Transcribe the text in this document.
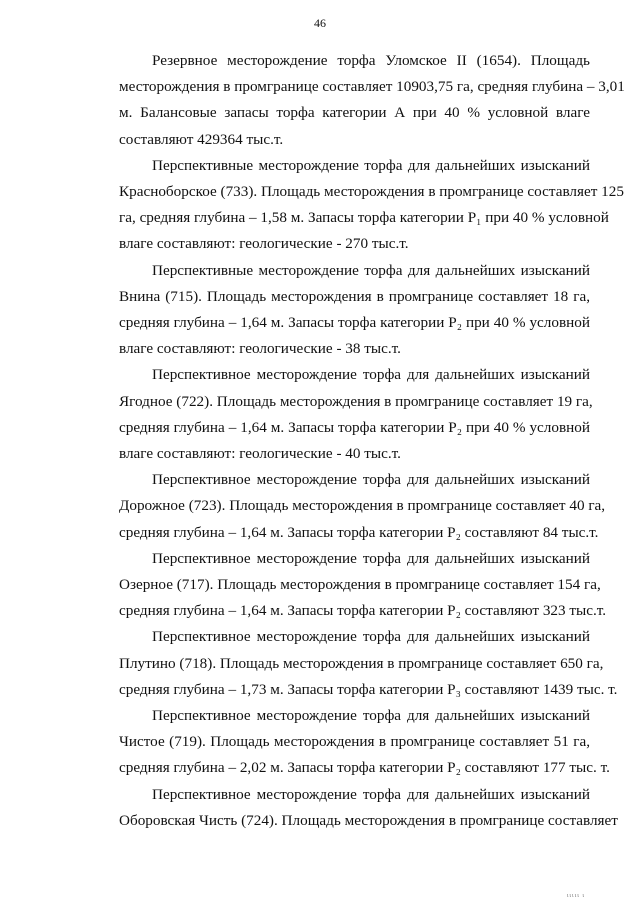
46
Резервное месторождение торфа Уломское II (1654). Площадь
месторождения в промгранице составляет 10903,75 га, средняя глубина – 3,01
м. Балансовые запасы торфа категории А при 40 % условной влаге
составляют 429364 тыс.т.
Перспективные месторождение торфа для дальнейших изысканий
Красноборское (733). Площадь месторождения в промгранице составляет 125
га, средняя глубина – 1,58 м. Запасы торфа категории Р₁ при 40 % условной
влаге составляют: геологические - 270 тыс.т.
Перспективные месторождение торфа для дальнейших изысканий
Внина (715). Площадь месторождения в промгранице составляет 18 га,
средняя глубина – 1,64 м. Запасы торфа категории Р₂ при 40 % условной
влаге составляют: геологические - 38 тыс.т.
Перспективное месторождение торфа для дальнейших изысканий
Ягодное (722). Площадь месторождения в промгранице составляет 19 га,
средняя глубина – 1,64 м. Запасы торфа категории Р₂ при 40 % условной
влаге составляют: геологические - 40 тыс.т.
Перспективное месторождение торфа для дальнейших изысканий
Дорожное (723). Площадь месторождения в промгранице составляет 40 га,
средняя глубина – 1,64 м. Запасы торфа категории Р₂ составляют 84 тыс.т.
Перспективное месторождение торфа для дальнейших изысканий
Озерное (717). Площадь месторождения в промгранице составляет 154 га,
средняя глубина – 1,64 м. Запасы торфа категории Р₂ составляют 323 тыс.т.
Перспективное месторождение торфа для дальнейших изысканий
Плутино (718). Площадь месторождения в промгранице составляет 650 га,
средняя глубина – 1,73 м. Запасы торфа категории Р₃ составляют 1439 тыс. т.
Перспективное месторождение торфа для дальнейших изысканий
Чистое (719). Площадь месторождения в промгранице составляет 51 га,
средняя глубина – 2,02 м. Запасы торфа категории Р₂ составляют 177 тыс. т.
Перспективное месторождение торфа для дальнейших изысканий
Оборовская Чисть (724). Площадь месторождения в промгранице составляет
ιιιιι ι
